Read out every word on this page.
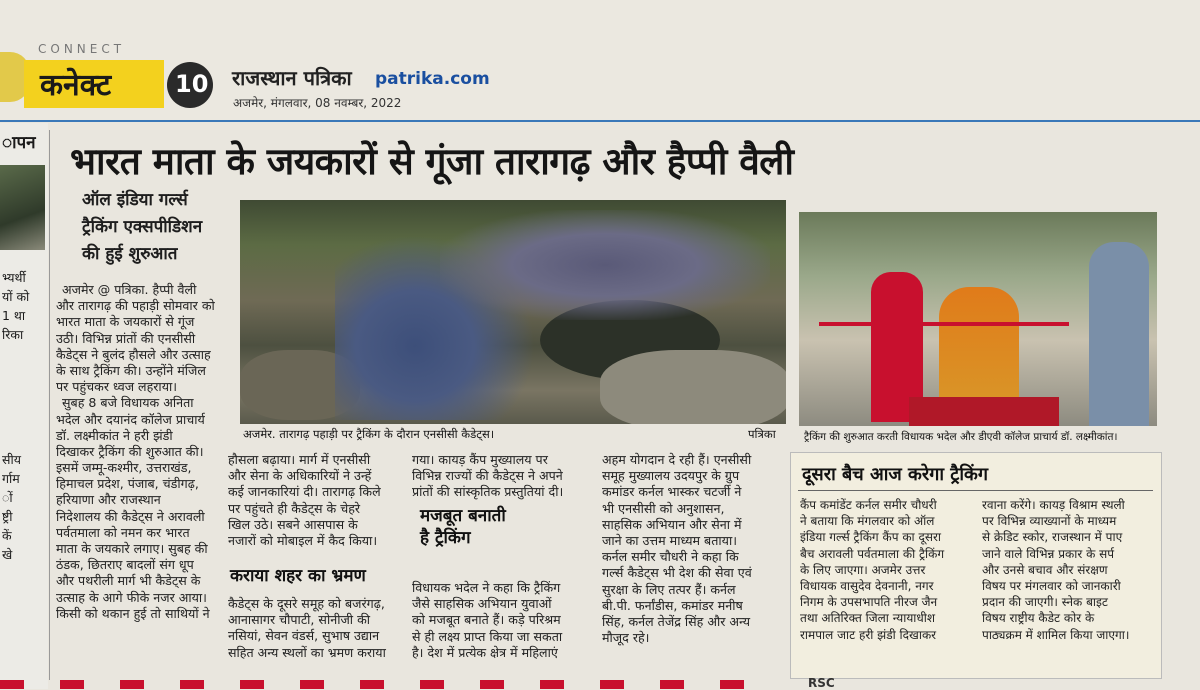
CONNECT
कनेक्ट	10 राजस्थान पत्रिका patrika.com
अजमेर, मंगलवार, 08 नवम्बर, 2022
ापन
भ्यर्थी
यों को
1 था
रिका
सीय
र्गाम
ों
ष्ट्री
कें
खे
भारत माता के जयकारों से गूंजा तारागढ़ और हैप्पी वैली
ऑल इंडिया गर्ल्स
ट्रैकिंग एक्सपीडिशन
की हुई शुरुआत
अजमेर @ पत्रिका. हैप्पी वैली
और तारागढ़ की पहाड़ी सोमवार को
भारत माता के जयकारों से गूंज
उठी। विभिन्न प्रांतों की एनसीसी
कैडेट्स ने बुलंद हौसले और उत्साह
के साथ ट्रैकिंग की। उन्होंने मंजिल
पर पहुंचकर ध्वज लहराया।
सुबह 8 बजे विधायक अनिता
भदेल और दयानंद कॉलेज प्राचार्य
डॉ. लक्ष्मीकांत ने हरी झंडी
दिखाकर ट्रैकिंग की शुरुआत की।
इसमें जम्मू-कश्मीर, उत्तराखंड,
हिमाचल प्रदेश, पंजाब, चंडीगढ़,
हरियाणा और राजस्थान
निदेशालय की कैडेट्स ने अरावली
पर्वतमाला को नमन कर भारत
माता के जयकारे लगाए। सुबह की
ठंडक, छितराए बादलों संग धूप
और पथरीली मार्ग भी कैडेट्स के
उत्साह के आगे फीके नजर आया।
किसी को थकान हुई तो साथियों ने
अजमेर. तारागढ़ पहाड़ी पर ट्रैकिंग के दौरान एनसीसी कैडेट्स।	पत्रिका	ट्रैकिंग की शुरुआत करती विधायक भदेल और डीएवी कॉलेज प्राचार्य डॉ. लक्ष्मीकांत।
हौसला बढ़ाया। मार्ग में एनसीसी
और सेना के अधिकारियों ने उन्हें
कई जानकारियां दी। तारागढ़ किले
पर पहुंचते ही कैडेट्स के चेहरे
खिल उठे। सबने आसपास के
नजारों को मोबाइल में कैद किया।
कराया शहर का भ्रमण
कैडेट्स के दूसरे समूह को बजरंगढ़,
आनासागर चौपाटी, सोनीजी की
नसियां, सेवन वंडर्स, सुभाष उद्यान
सहित अन्य स्थलों का भ्रमण कराया
गया। कायड़ कैंप मुख्यालय पर
विभिन्न राज्यों की कैडेट्स ने अपने
प्रांतों की सांस्कृतिक प्रस्तुतियां दी।
मजबूत बनाती
है ट्रैकिंग
विधायक भदेल ने कहा कि ट्रैकिंग
जैसे साहसिक अभियान युवाओं
को मजबूत बनाते हैं। कड़े परिश्रम
से ही लक्ष्य प्राप्त किया जा सकता
है। देश में प्रत्येक क्षेत्र में महिलाएं
अहम योगदान दे रही हैं। एनसीसी
समूह मुख्यालय उदयपुर के ग्रुप
कमांडर कर्नल भास्कर चटर्जी ने
भी एनसीसी को अनुशासन,
साहसिक अभियान और सेना में
जाने का उत्तम माध्यम बताया।
कर्नल समीर चौधरी ने कहा कि
गर्ल्स कैडेट्स भी देश की सेवा एवं
सुरक्षा के लिए तत्पर हैं। कर्नल
बी.पी. फर्नांडीस, कमांडर मनीष
सिंह, कर्नल तेजेंद्र सिंह और अन्य
मौजूद रहे।
दूसरा बैच आज करेगा ट्रैकिंग
कैंप कमांडेंट कर्नल समीर चौधरी
ने बताया कि मंगलवार को ऑल
इंडिया गर्ल्स ट्रैकिंग कैंप का दूसरा
बैच अरावली पर्वतमाला की ट्रैकिंग
के लिए जाएगा। अजमेर उत्तर
विधायक वासुदेव देवनानी, नगर
निगम के उपसभापति नीरज जैन
तथा अतिरिक्त जिला न्यायाधीश
रामपाल जाट हरी झंडी दिखाकर
रवाना करेंगे। कायड़ विश्राम स्थली
पर विभिन्न व्याख्यानों के माध्यम
से क्रेडिट स्कोर, राजस्थान में पाए
जाने वाले विभिन्न प्रकार के सर्प
और उनसे बचाव और संरक्षण
विषय पर मंगलवार को जानकारी
प्रदान की जाएगी। स्नेक बाइट
विषय राष्ट्रीय कैडेट कोर के
पाठ्यक्रम में शामिल किया जाएगा।
RSC
